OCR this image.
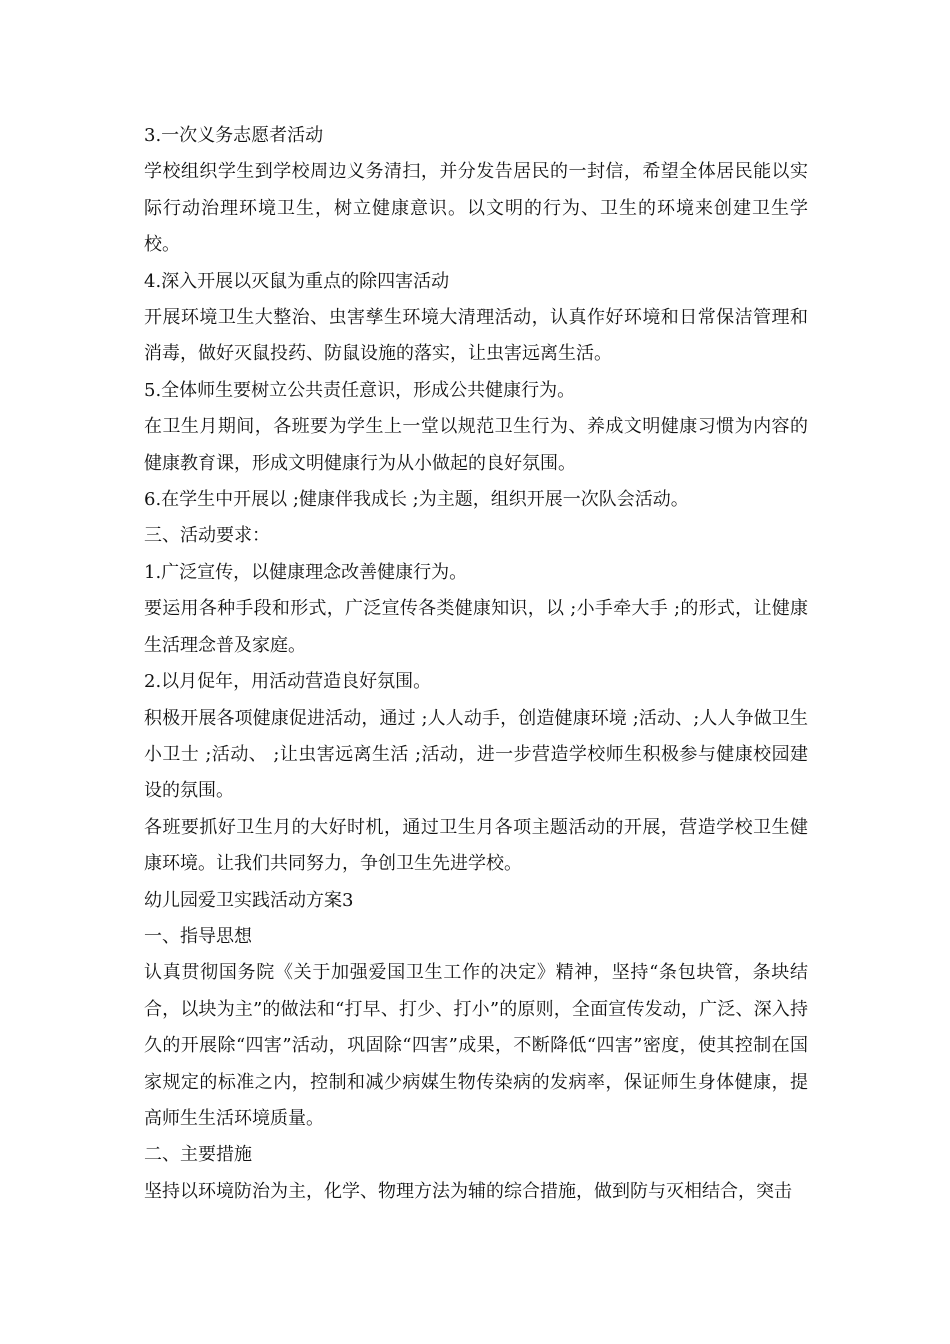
3.一次义务志愿者活动

学校组织学生到学校周边义务清扫，并分发告居民的一封信，希望全体居民能以实际行动治理环境卫生，树立健康意识。以文明的行为、卫生的环境来创建卫生学校。

4.深入开展以灭鼠为重点的除四害活动

开展环境卫生大整治、虫害孳生环境大清理活动，认真作好环境和日常保洁管理和消毒，做好灭鼠投药、防鼠设施的落实，让虫害远离生活。

5.全体师生要树立公共责任意识，形成公共健康行为。

在卫生月期间，各班要为学生上一堂以规范卫生行为、养成文明健康习惯为内容的健康教育课，形成文明健康行为从小做起的良好氛围。

6.在学生中开展以 ;健康伴我成长 ;为主题，组织开展一次队会活动。

三、活动要求：

1.广泛宣传，以健康理念改善健康行为。

要运用各种手段和形式，广泛宣传各类健康知识，以 ;小手牵大手 ;的形式，让健康生活理念普及家庭。

2.以月促年，用活动营造良好氛围。

积极开展各项健康促进活动，通过 ;人人动手，创造健康环境 ;活动、;人人争做卫生小卫士 ;活动、 ;让虫害远离生活 ;活动，进一步营造学校师生积极参与健康校园建设的氛围。

各班要抓好卫生月的大好时机，通过卫生月各项主题活动的开展，营造学校卫生健康环境。让我们共同努力，争创卫生先进学校。

幼儿园爱卫实践活动方案3

一、指导思想

认真贯彻国务院《关于加强爱国卫生工作的决定》精神，坚持“条包块管，条块结合，以块为主”的做法和“打早、打少、打小”的原则，全面宣传发动，广泛、深入持久的开展除“四害”活动，巩固除“四害”成果，不断降低“四害”密度，使其控制在国家规定的标准之内，控制和减少病媒生物传染病的发病率，保证师生身体健康，提高师生生活环境质量。

二、主要措施

坚持以环境防治为主，化学、物理方法为辅的综合措施，做到防与灭相结合，突击
